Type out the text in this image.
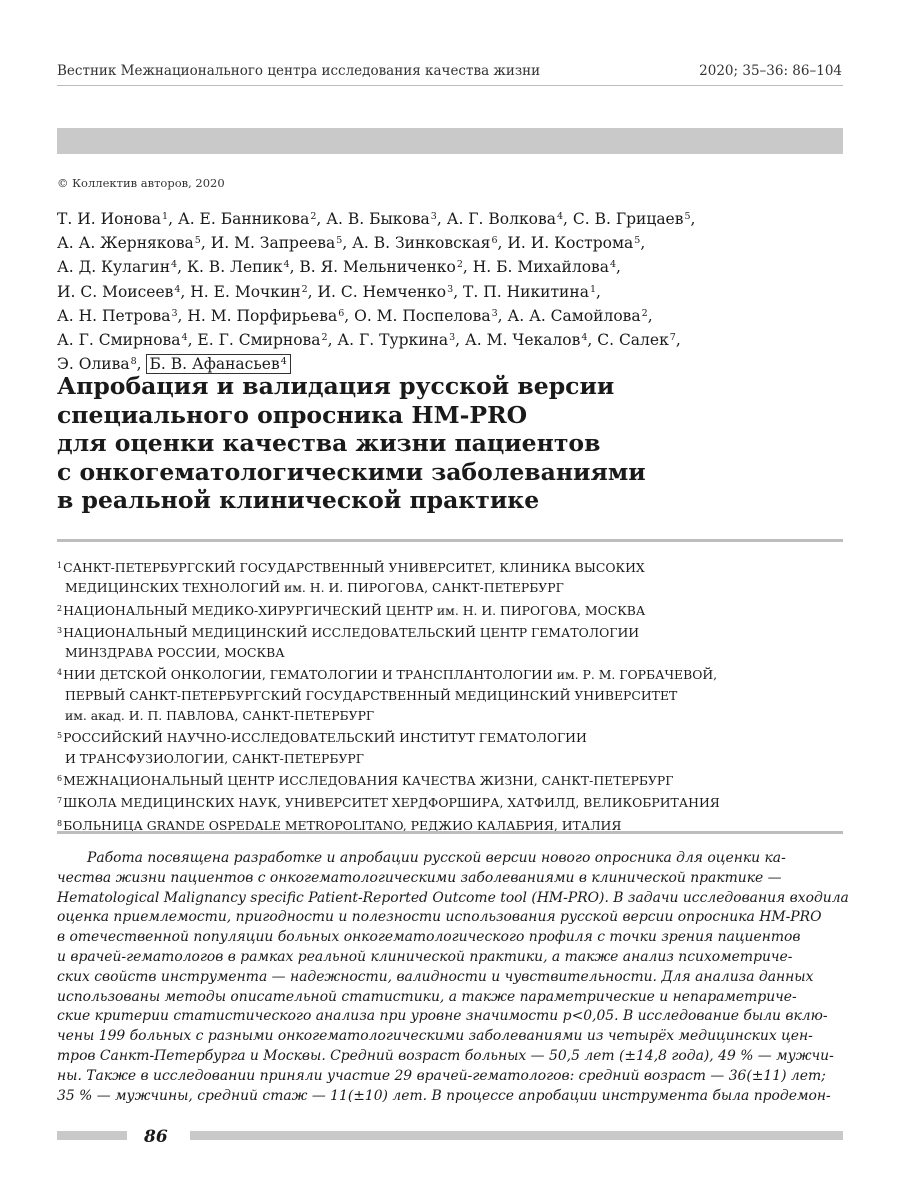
Вестник Межнационального центра исследования качества жизни	2020; 35–36: 86–104
© Коллектив авторов, 2020
Т. И. Ионова$^1$, А. Е. Банникова$^2$, А. В. Быкова$^3$, А. Г. Волкова$^4$, С. В. Грицаев$^5$,
А. А. Жернякова$^5$, И. М. Запреева$^5$, А. В. Зинковская$^6$, И. И. Кострома$^5$,
А. Д. Кулагин$^4$, К. В. Лепик$^4$, В. Я. Мельниченко$^2$, Н. Б. Михайлова$^4$,
И. С. Моисеев$^4$, Н. Е. Мочкин$^2$, И. С. Немченко$^3$, Т. П. Никитина$^1$,
А. Н. Петрова$^3$, Н. М. Порфирьева$^6$, О. М. Поспелова$^3$, А. А. Самойлова$^2$,
А. Г. Смирнова$^4$, Е. Г. Смирнова$^2$, А. Г. Туркина$^3$, А. М. Чекалов$^4$, С. Салек$^7$,
Э. Олива$^8$, Б. В. Афанасьев$^4$
Апробация и валидация русской версии
специального опросника HM-PRO
для оценки качества жизни пациентов
с онкогематологическими заболеваниями
в реальной клинической практике
$^1$САНКТ-ПЕТЕРБУРГСКИЙ ГОСУДАРСТВЕННЫЙ УНИВЕРСИТЕТ, КЛИНИКА ВЫСОКИХ
МЕДИЦИНСКИХ ТЕХНОЛОГИЙ им. Н. И. ПИРОГОВА, САНКТ-ПЕТЕРБУРГ
$^2$НАЦИОНАЛЬНЫЙ МЕДИКО-ХИРУРГИЧЕСКИЙ ЦЕНТР им. Н. И. ПИРОГОВА, МОСКВА
$^3$НАЦИОНАЛЬНЫЙ МЕДИЦИНСКИЙ ИССЛЕДОВАТЕЛЬСКИЙ ЦЕНТР ГЕМАТОЛОГИИ
МИНЗДРАВА РОССИИ, МОСКВА
$^4$НИИ ДЕТСКОЙ ОНКОЛОГИИ, ГЕМАТОЛОГИИ И ТРАНСПЛАНТОЛОГИИ им. Р. М. ГОРБАЧЕВОЙ,
ПЕРВЫЙ САНКТ-ПЕТЕРБУРГСКИЙ ГОСУДАРСТВЕННЫЙ МЕДИЦИНСКИЙ УНИВЕРСИТЕТ
им. акад. И. П. ПАВЛОВА, САНКТ-ПЕТЕРБУРГ
$^5$РОССИЙСКИЙ НАУЧНО-ИССЛЕДОВАТЕЛЬСКИЙ ИНСТИТУТ ГЕМАТОЛОГИИ
И ТРАНСФУЗИОЛОГИИ, САНКТ-ПЕТЕРБУРГ
$^6$МЕЖНАЦИОНАЛЬНЫЙ ЦЕНТР ИССЛЕДОВАНИЯ КАЧЕСТВА ЖИЗНИ, САНКТ-ПЕТЕРБУРГ
$^7$ШКОЛА МЕДИЦИНСКИХ НАУК, УНИВЕРСИТЕТ ХЕРДФОРШИРА, ХАТФИЛД, ВЕЛИКОБРИТАНИЯ
$^8$БОЛЬНИЦА GRANDE OSPEDALE METROPOLITANO, РЕДЖИО КАЛАБРИЯ, ИТАЛИЯ
Работа посвящена разработке и апробации русской версии нового опросника для оценки ка-
чества жизни пациентов с онкогематологическими заболеваниями в клинической практике —
Hematological Malignancy specific Patient-Reported Outcome tool (HM-PRO). В задачи исследования входила
оценка приемлемости, пригодности и полезности использования русской версии опросника HM-PRO
в отечественной популяции больных онкогематологического профиля с точки зрения пациентов
и врачей-гематологов в рамках реальной клинической практики, а также анализ психометриче-
ских свойств инструмента — надежности, валидности и чувствительности. Для анализа данных
использованы методы описательной статистики, а также параметрические и непараметриче-
ские критерии статистического анализа при уровне значимости p<0,05. В исследование были вклю-
чены 199 больных с разными онкогематологическими заболеваниями из четырёх медицинских цен-
тров Санкт-Петербурга и Москвы. Средний возраст больных — 50,5 лет (±14,8 года), 49 % — мужчи-
ны. Также в исследовании приняли участие 29 врачей-гематологов: средний возраст — 36(±11) лет;
35 % — мужчины, средний стаж — 11(±10) лет. В процессе апробации инструмента была продемон-
86
